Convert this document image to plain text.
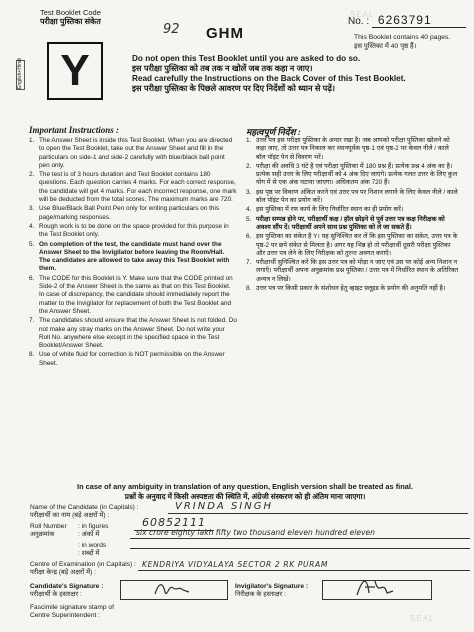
Test Booklet Code
परीक्षा पुस्तिका संकेत
English+Hindi Y
92 GHM
No. : 6263791
This Booklet contains 40 pages.
इस पुस्तिका में 40 पृष्ठ हैं।
Do not open this Test Booklet until you are asked to do so.
इस परीक्षा पुस्तिका को तब तक न खोलें जब तक कहा न जाए।
Read carefully the Instructions on the Back Cover of this Test Booklet.
इस परीक्षा पुस्तिका के पिछले आवरण पर दिए निर्देशों को ध्यान से पढ़ें।
Important Instructions :	महत्वपूर्ण निर्देश :
1. The Answer Sheet is inside this Test Booklet. When you are directed to open the Test Booklet, take out the Answer Sheet and fill in the particulars on side-1 and side-2 carefully with blue/black ball point pen only.
2. The test is of 3 hours duration and Test Booklet contains 180 questions. Each question carries 4 marks. For each correct response, the candidate will get 4 marks. For each incorrect response, one mark will be deducted from the total scores. The maximum marks are 720.
3. Use Blue/Black Ball Point Pen only for writing particulars on this page/marking responses.
4. Rough work is to be done on the space provided for this purpose in the Test Booklet only.
5. On completion of the test, the candidate must hand over the Answer Sheet to the Invigilator before leaving the Room/Hall. The candidates are allowed to take away this Test Booklet with them.
6. The CODE for this Booklet is Y. Make sure that the CODE printed on Side-2 of the Answer Sheet is the same as that on this Test Booklet. In case of discrepancy, the candidate should immediately report the matter to the Invigilator for replacement of both the Test Booklet and the Answer Sheet.
7. The candidates should ensure that the Answer Sheet is not folded. Do not make any stray marks on the Answer Sheet. Do not write your Roll No. anywhere else except in the specified space in the Test Booklet/Answer Sheet.
8. Use of white fluid for correction is NOT permissible on the Answer Sheet.
1. उत्तर पत्र इस परीक्षा पुस्तिका के अन्दर रखा है। जब आपको परीक्षा पुस्तिका खोलने को कहा जाए, तो उत्तर पत्र निकाल कर ध्यानपूर्वक पृष्ठ-1 एवं पृष्ठ-2 पर केवल नीले / काले बॉल पॉइंट पेन से विवरण भरें।
2. परीक्षा की अवधि 3 घंटे है एवं परीक्षा पुस्तिका में 180 प्रश्न हैं। प्रत्येक प्रश्न 4 अंक का है। प्रत्येक सही उत्तर के लिए परीक्षार्थी को 4 अंक दिए जाएंगे। प्रत्येक गलत उत्तर के लिए कुल योग में से एक अंक घटाया जाएगा। अधिकतम अंक 720 हैं।
3. इस पृष्ठ पर विवरण अंकित करने एवं उत्तर पत्र पर निशान लगाने के लिए केवल नीले / काले बॉल पॉइंट पेन का प्रयोग करें।
4. इस पुस्तिका में रफ कार्य के लिए निर्धारित स्थान का ही प्रयोग करें।
5. परीक्षा सम्पन्न होने पर, परीक्षार्थी कक्ष / हॉल छोड़ने से पूर्व उत्तर पत्र कक्ष निरीक्षक को अवश्य सौंप दें। परीक्षार्थी अपने साथ प्रश्न पुस्तिका को ले जा सकते हैं।
6. इस पुस्तिका का संकेत है Y। यह सुनिश्चित कर लें कि इस पुस्तिका का संकेत, उत्तर पत्र के पृष्ठ-2 पर छपे संकेत से मिलता है। अगर यह भिन्न हो तो परीक्षार्थी दूसरी परीक्षा पुस्तिका और उत्तर पत्र लेने के लिए निरीक्षक को तुरन्त अवगत कराएँ।
7. परीक्षार्थी सुनिश्चित करें कि इस उत्तर पत्र को मोड़ा न जाए एवं उस पर कोई अन्य निशान न लगाएँ। परीक्षार्थी अपना अनुक्रमांक प्रश्न पुस्तिका / उत्तर पत्र में निर्धारित स्थान के अतिरिक्त अन्यत्र न लिखें।
8. उत्तर पत्र पर किसी प्रकार के संशोधन हेतु व्हाइट फ़्लूइड के प्रयोग की अनुमति नहीं है।
In case of any ambiguity in translation of any question, English version shall be treated as final.
प्रश्नों के अनुवाद में किसी अस्पष्टता की स्थिति में, अंग्रेजी संस्करण को ही अंतिम माना जाएगा।
Name of the Candidate (in Capitals) :
परीक्षार्थी का नाम (बड़े अक्षरों में) :
VRINDA SINGH
Roll Number
अनुक्रमांक
: in figures
: अंकों में
60852111
: in words
: शब्दों में
six crore eighty lakh fifty two thousand eleven hundred eleven
Centre of Examination (in Capitals) :
परीक्षा केन्द्र (बड़े अक्षरों में) :
KENDRIYA VIDYALAYA SECTOR 2 RK PURAM
Candidate's Signature :
परीक्षार्थी के हस्ताक्षर :
Invigilator's Signature :
निरीक्षक के हस्ताक्षर :
Fascimile signature stamp of
Centre Superintendent :
SEAL
SEAL
